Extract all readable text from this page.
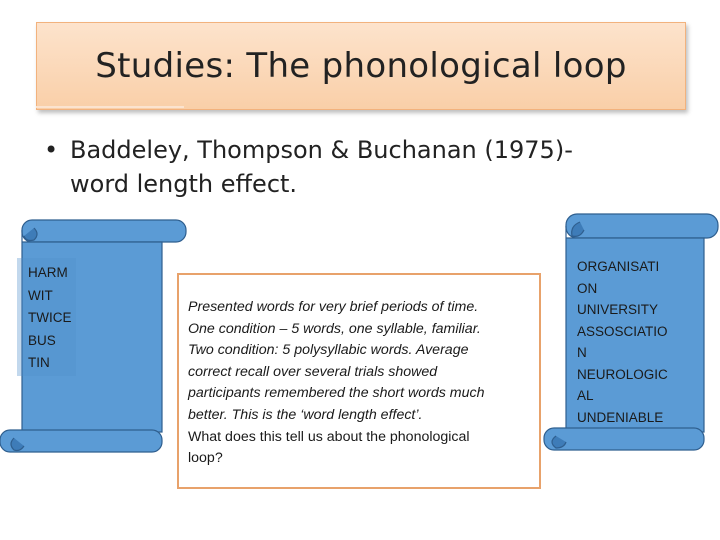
Studies: The phonological loop
• Baddeley, Thompson & Buchanan (1975)-
word length effect.
HARM
WIT
TWICE
BUS
TIN
ORGANISATI
ON
UNIVERSITY
ASSOSCIATIO
N
NEUROLOGIC
AL
UNDENIABLE
Presented words for very brief periods of time.
One condition – 5 words, one syllable, familiar.
Two condition: 5 polysyllabic words. Average
correct recall over several trials showed
participants remembered the short words much
better. This is the ‘word length effect’.
What does this tell us about the phonological
loop?
